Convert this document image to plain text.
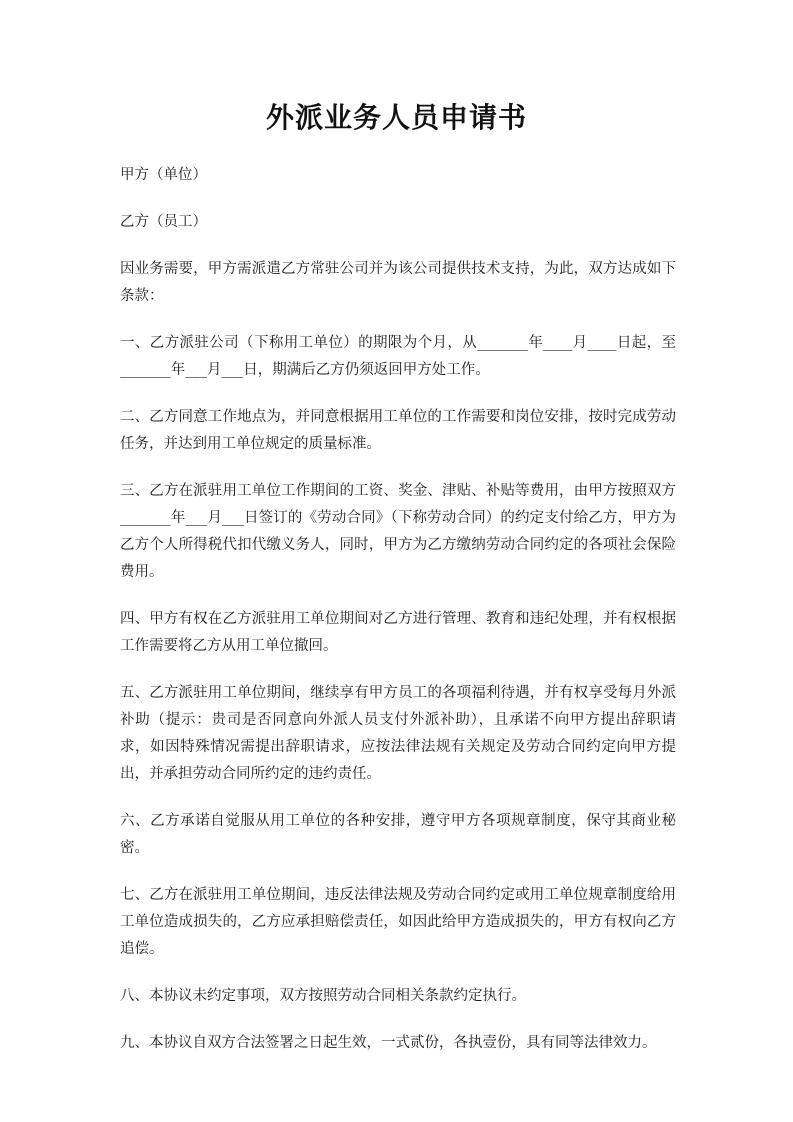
外派业务人员申请书

甲方（单位）

乙方（员工）

因业务需要，甲方需派遣乙方常驻公司并为该公司提供技术支持，为此，双方达成如下条款：

一、乙方派驻公司（下称用工单位）的期限为个月，从_______年____月____日起，至_______年___月___日，期满后乙方仍须返回甲方处工作。

二、乙方同意工作地点为，并同意根据用工单位的工作需要和岗位安排，按时完成劳动任务，并达到用工单位规定的质量标准。

三、乙方在派驻用工单位工作期间的工资、奖金、津贴、补贴等费用，由甲方按照双方_______年___月___日签订的《劳动合同》（下称劳动合同）的约定支付给乙方，甲方为乙方个人所得税代扣代缴义务人，同时，甲方为乙方缴纳劳动合同约定的各项社会保险费用。

四、甲方有权在乙方派驻用工单位期间对乙方进行管理、教育和违纪处理，并有权根据工作需要将乙方从用工单位撤回。

五、乙方派驻用工单位期间，继续享有甲方员工的各项福利待遇，并有权享受每月外派补助（提示：贵司是否同意向外派人员支付外派补助），且承诺不向甲方提出辞职请求，如因特殊情况需提出辞职请求，应按法律法规有关规定及劳动合同约定向甲方提出，并承担劳动合同所约定的违约责任。

六、乙方承诺自觉服从用工单位的各种安排，遵守甲方各项规章制度，保守其商业秘密。

七、乙方在派驻用工单位期间，违反法律法规及劳动合同约定或用工单位规章制度给用工单位造成损失的，乙方应承担赔偿责任，如因此给甲方造成损失的，甲方有权向乙方追偿。

八、本协议未约定事项，双方按照劳动合同相关条款约定执行。

九、本协议自双方合法签署之日起生效，一式贰份，各执壹份，具有同等法律效力。
